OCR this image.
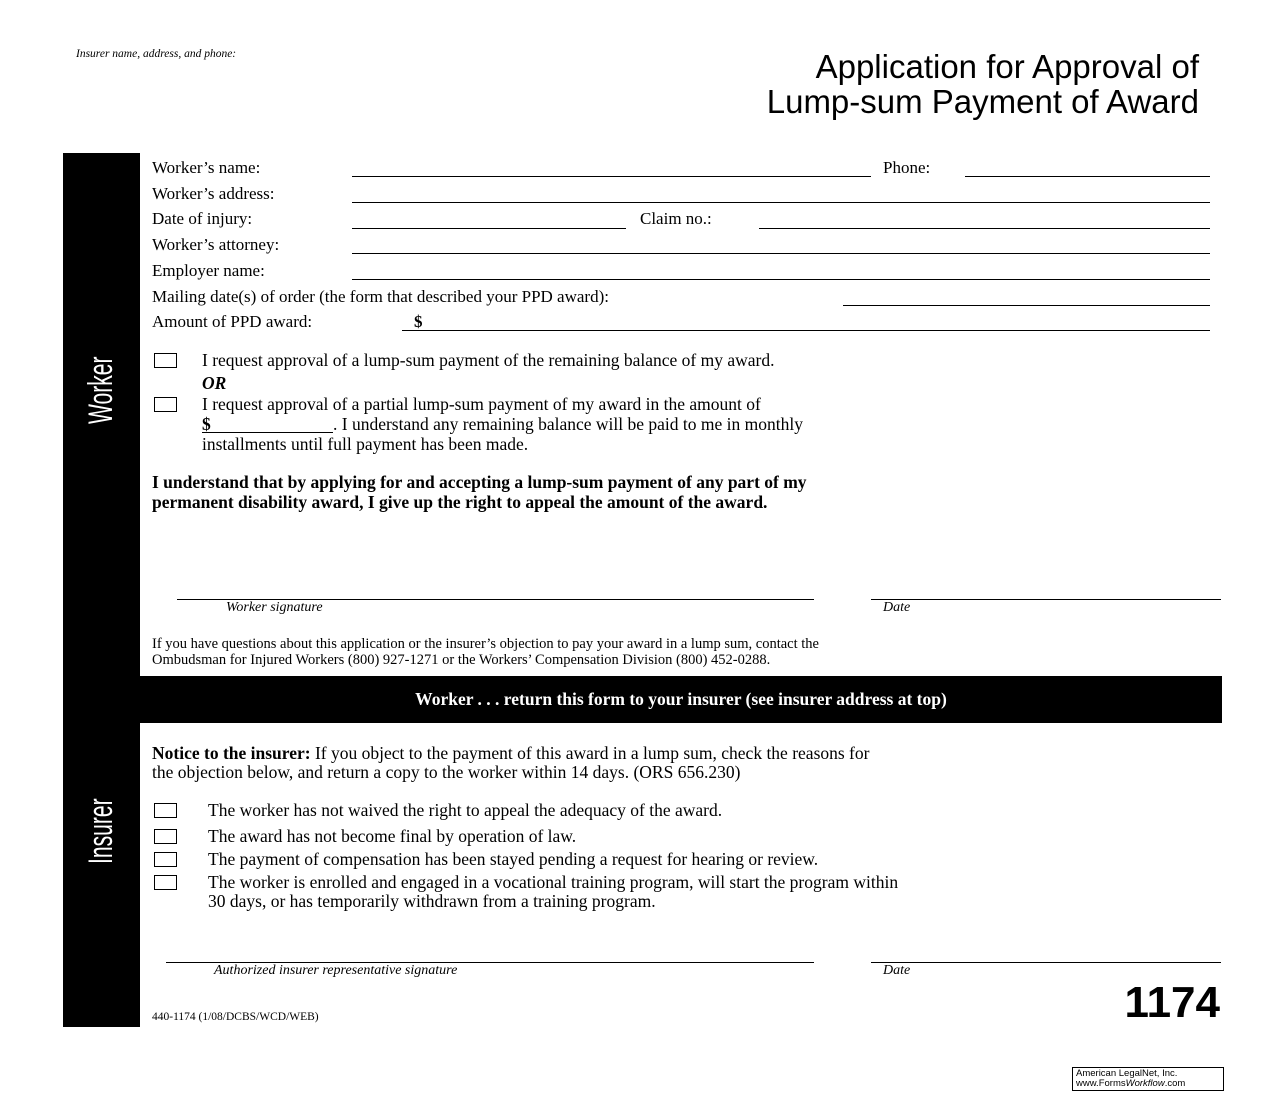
Insurer name, address, and phone:	Application for Approval of
Lump-sum Payment of Award
Worker
Insurer
Worker’s name:	Phone:
Worker’s address:
Date of injury:	Claim no.:
Worker’s attorney:
Employer name:
Mailing date(s) of order (the form that described your PPD award):
Amount of PPD award:	$
I request approval of a lump-sum payment of the remaining balance of my award.
OR
I request approval of a partial lump-sum payment of my award in the amount of
$	. I understand any remaining balance will be paid to me in monthly
installments until full payment has been made.
I understand that by applying for and accepting a lump-sum payment of any part of my
permanent disability award, I give up the right to appeal the amount of the award.
Worker signature	Date
If you have questions about this application or the insurer’s objection to pay your award in a lump sum, contact the
Ombudsman for Injured Workers (800) 927-1271 or the Workers’ Compensation Division (800) 452-0288.
Worker . . . return this form to your insurer (see insurer address at top)
Notice to the insurer: If you object to the payment of this award in a lump sum, check the reasons for
the objection below, and return a copy to the worker within 14 days. (ORS 656.230)
The worker has not waived the right to appeal the adequacy of the award.
The award has not become final by operation of law.
The payment of compensation has been stayed pending a request for hearing or review.
The worker is enrolled and engaged in a vocational training program, will start the program within
30 days, or has temporarily withdrawn from a training program.
Authorized insurer representative signature	Date
440-1174 (1/08/DCBS/WCD/WEB)	1174
American LegalNet, Inc.
www.FormsWorkflow.com
